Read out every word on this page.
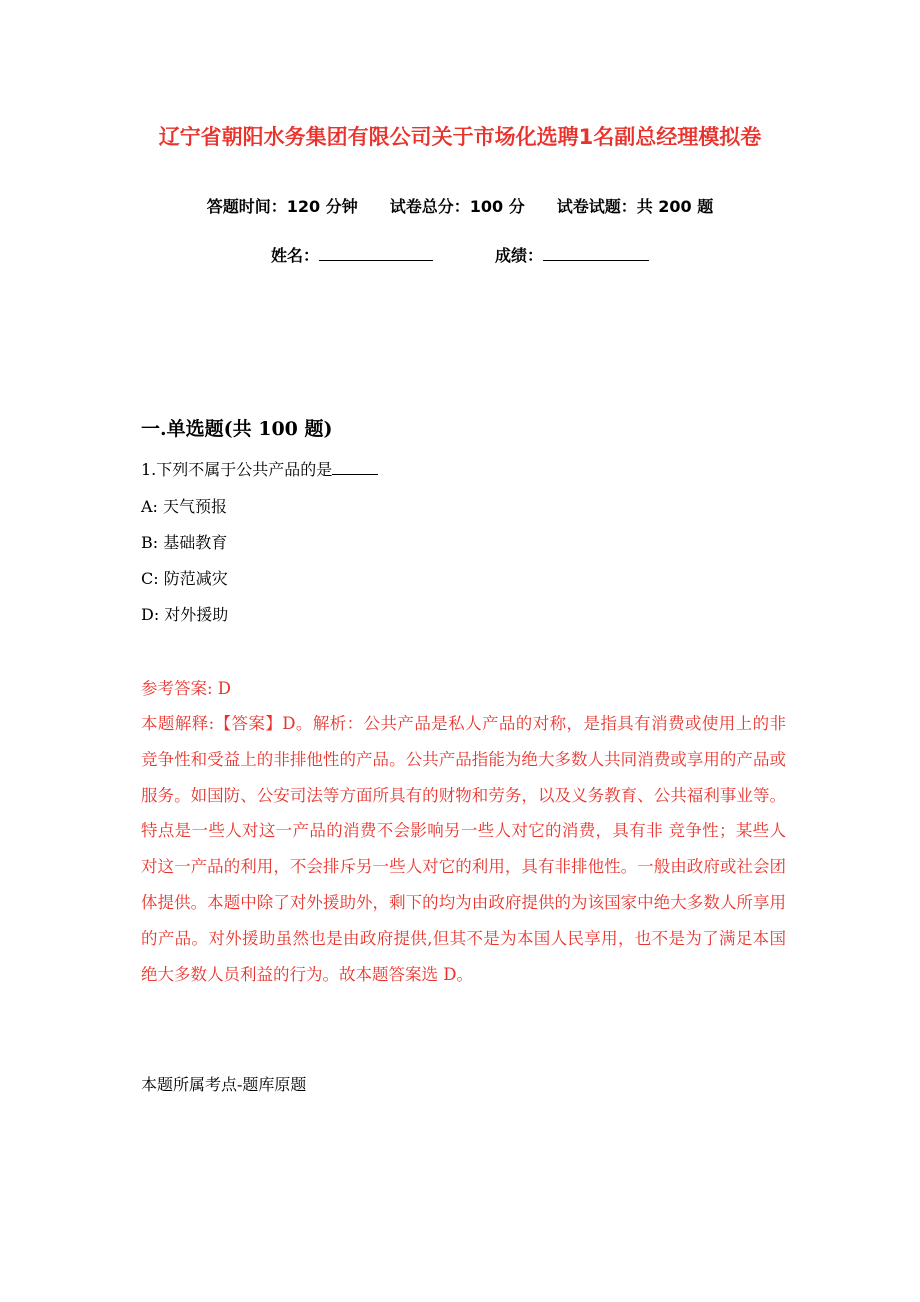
辽宁省朝阳水务集团有限公司关于市场化选聘1名副总经理模拟卷
答题时间：120 分钟 试卷总分：100 分 试卷试题：共 200 题
姓名：	成绩：
一.单选题(共 100 题)
1.下列不属于公共产品的是
A: 天气预报
B: 基础教育
C: 防范减灾
D: 对外援助
参考答案: D
本题解释:【答案】D。解析：公共产品是私人产品的对称，是指具有消费或使用上的非竞争性和受益上的非排他性的产品。公共产品指能为绝大多数人共同消费或享用的产品或服务。如国防、公安司法等方面所具有的财物和劳务，以及义务教育、公共福利事业等。特点是一些人对这一产品的消费不会影响另一些人对它的消费，具有非 竞争性；某些人对这一产品的利用，不会排斥另一些人对它的利用，具有非排他性。一般由政府或社会团体提供。本题中除了对外援助外，剩下的均为由政府提供的为该国家中绝大多数人所享用的产品。对外援助虽然也是由政府提供,但其不是为本国人民享用，也不是为了满足本国绝大多数人员利益的行为。故本题答案选 D。
本题所属考点-题库原题
